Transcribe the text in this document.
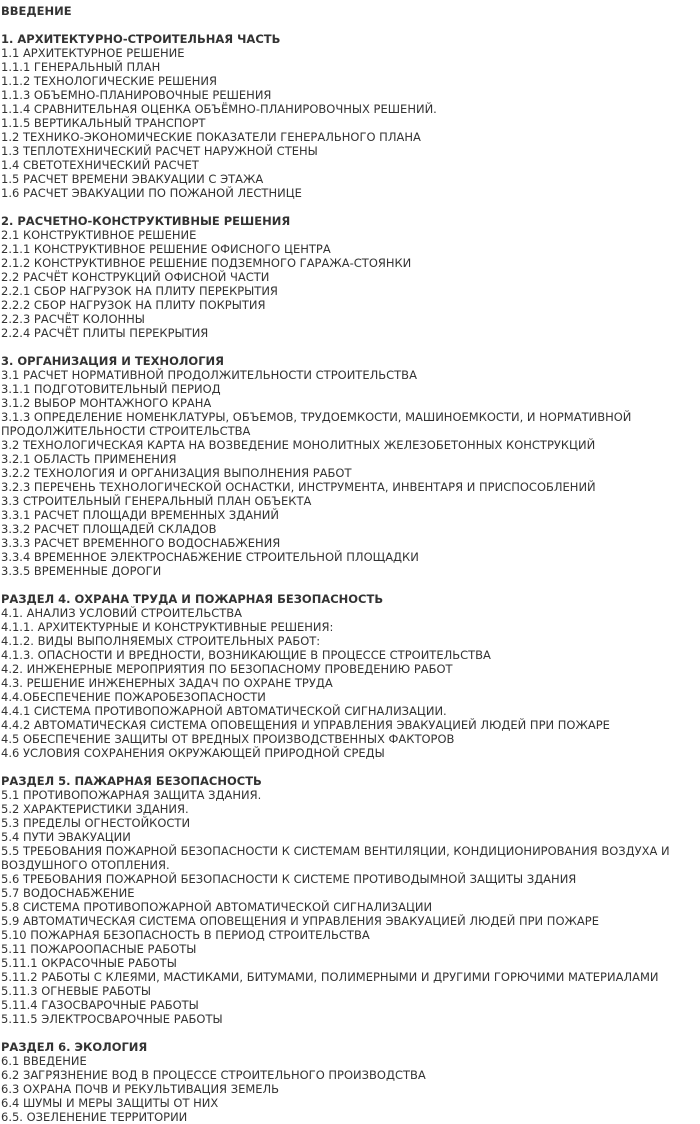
ВВЕДЕНИЕ
1. АРХИТЕКТУРНО-СТРОИТЕЛЬНАЯ ЧАСТЬ
1.1 АРХИТЕКТУРНОЕ РЕШЕНИЕ
1.1.1 ГЕНЕРАЛЬНЫЙ ПЛАН
1.1.2 ТЕХНОЛОГИЧЕСКИЕ РЕШЕНИЯ
1.1.3 ОБЪЕМНО-ПЛАНИРОВОЧНЫЕ РЕШЕНИЯ
1.1.4 СРАВНИТЕЛЬНАЯ ОЦЕНКА ОБЪЁМНО-ПЛАНИРОВОЧНЫХ РЕШЕНИЙ.
1.1.5 ВЕРТИКАЛЬНЫЙ ТРАНСПОРТ
1.2 ТЕХНИКО-ЭКОНОМИЧЕСКИЕ ПОКАЗАТЕЛИ ГЕНЕРАЛЬНОГО ПЛАНА
1.3 ТЕПЛОТЕХНИЧЕСКИЙ РАСЧЕТ НАРУЖНОЙ СТЕНЫ
1.4 СВЕТОТЕХНИЧЕСКИЙ РАСЧЕТ
1.5 РАСЧЕТ ВРЕМЕНИ ЭВАКУАЦИИ С ЭТАЖА
1.6 РАСЧЕТ ЭВАКУАЦИИ ПО ПОЖАНОЙ ЛЕСТНИЦЕ
2. РАСЧЕТНО-КОНСТРУКТИВНЫЕ РЕШЕНИЯ
2.1 КОНСТРУКТИВНОЕ РЕШЕНИЕ
2.1.1 КОНСТРУКТИВНОЕ РЕШЕНИЕ ОФИСНОГО ЦЕНТРА
2.1.2 КОНСТРУКТИВНОЕ РЕШЕНИЕ ПОДЗЕМНОГО ГАРАЖА-СТОЯНКИ
2.2 РАСЧЁТ КОНСТРУКЦИЙ ОФИСНОЙ ЧАСТИ
2.2.1 СБОР НАГРУЗОК НА ПЛИТУ ПЕРЕКРЫТИЯ
2.2.2 СБОР НАГРУЗОК НА ПЛИТУ ПОКРЫТИЯ
2.2.3 РАСЧЁТ КОЛОННЫ
2.2.4 РАСЧЁТ ПЛИТЫ ПЕРЕКРЫТИЯ
3. ОРГАНИЗАЦИЯ И ТЕХНОЛОГИЯ
3.1 РАСЧЕТ НОРМАТИВНОЙ ПРОДОЛЖИТЕЛЬНОСТИ СТРОИТЕЛЬСТВА
3.1.1 ПОДГОТОВИТЕЛЬНЫЙ ПЕРИОД
3.1.2 ВЫБОР МОНТАЖНОГО КРАНА
3.1.3 ОПРЕДЕЛЕНИЕ НОМЕНКЛАТУРЫ, ОБЪЕМОВ, ТРУДОЕМКОСТИ, МАШИНОЕМКОСТИ, И НОРМАТИВНОЙ
ПРОДОЛЖИТЕЛЬНОСТИ СТРОИТЕЛЬСТВА
3.2 ТЕХНОЛОГИЧЕСКАЯ КАРТА НА ВОЗВЕДЕНИЕ МОНОЛИТНЫХ ЖЕЛЕЗОБЕТОННЫХ КОНСТРУКЦИЙ
3.2.1 ОБЛАСТЬ ПРИМЕНЕНИЯ
3.2.2 ТЕХНОЛОГИЯ И ОРГАНИЗАЦИЯ ВЫПОЛНЕНИЯ РАБОТ
3.2.3 ПЕРЕЧЕНЬ ТЕХНОЛОГИЧЕСКОЙ ОСНАСТКИ, ИНСТРУМЕНТА, ИНВЕНТАРЯ И ПРИСПОСОБЛЕНИЙ
3.3 СТРОИТЕЛЬНЫЙ ГЕНЕРАЛЬНЫЙ ПЛАН ОБЪЕКТА
3.3.1 РАСЧЕТ ПЛОЩАДИ ВРЕМЕННЫХ ЗДАНИЙ
3.3.2 РАСЧЕТ ПЛОЩАДЕЙ СКЛАДОВ
3.3.3 РАСЧЕТ ВРЕМЕННОГО ВОДОСНАБЖЕНИЯ
3.3.4 ВРЕМЕННОЕ ЭЛЕКТРОСНАБЖЕНИЕ СТРОИТЕЛЬНОЙ ПЛОЩАДКИ
3.3.5 ВРЕМЕННЫЕ ДОРОГИ
РАЗДЕЛ 4. ОХРАНА ТРУДА И ПОЖАРНАЯ БЕЗОПАСНОСТЬ
4.1. АНАЛИЗ УСЛОВИЙ СТРОИТЕЛЬСТВА
4.1.1. АРХИТЕКТУРНЫЕ И КОНСТРУКТИВНЫЕ РЕШЕНИЯ:
4.1.2. ВИДЫ ВЫПОЛНЯЕМЫХ СТРОИТЕЛЬНЫХ РАБОТ:
4.1.3. ОПАСНОСТИ И ВРЕДНОСТИ, ВОЗНИКАЮЩИЕ В ПРОЦЕССЕ СТРОИТЕЛЬСТВА
4.2. ИНЖЕНЕРНЫЕ МЕРОПРИЯТИЯ ПО БЕЗОПАСНОМУ ПРОВЕДЕНИЮ РАБОТ
4.3. РЕШЕНИЕ ИНЖЕНЕРНЫХ ЗАДАЧ ПО ОХРАНЕ ТРУДА
4.4.ОБЕСПЕЧЕНИЕ ПОЖАРОБЕЗОПАСНОСТИ
4.4.1 СИСТЕМА ПРОТИВОПОЖАРНОЙ АВТОМАТИЧЕСКОЙ СИГНАЛИЗАЦИИ.
4.4.2 АВТОМАТИЧЕСКАЯ СИСТЕМА ОПОВЕЩЕНИЯ И УПРАВЛЕНИЯ ЭВАКУАЦИЕЙ ЛЮДЕЙ ПРИ ПОЖАРЕ
4.5 ОБЕСПЕЧЕНИЕ ЗАЩИТЫ ОТ ВРЕДНЫХ ПРОИЗВОДСТВЕННЫХ ФАКТОРОВ
4.6 УСЛОВИЯ СОХРАНЕНИЯ ОКРУЖАЮЩЕЙ ПРИРОДНОЙ СРЕДЫ
РАЗДЕЛ 5. ПАЖАРНАЯ БЕЗОПАСНОСТЬ
5.1 ПРОТИВОПОЖАРНАЯ ЗАЩИТА ЗДАНИЯ.
5.2 ХАРАКТЕРИСТИКИ ЗДАНИЯ.
5.3 ПРЕДЕЛЫ ОГНЕСТОЙКОСТИ
5.4 ПУТИ ЭВАКУАЦИИ
5.5 ТРЕБОВАНИЯ ПОЖАРНОЙ БЕЗОПАСНОСТИ К СИСТЕМАМ ВЕНТИЛЯЦИИ, КОНДИЦИОНИРОВАНИЯ ВОЗДУХА И
ВОЗДУШНОГО ОТОПЛЕНИЯ.
5.6 ТРЕБОВАНИЯ ПОЖАРНОЙ БЕЗОПАСНОСТИ К СИСТЕМЕ ПРОТИВОДЫМНОЙ ЗАЩИТЫ ЗДАНИЯ
5.7 ВОДОСНАБЖЕНИЕ
5.8 СИСТЕМА ПРОТИВОПОЖАРНОЙ АВТОМАТИЧЕСКОЙ СИГНАЛИЗАЦИИ
5.9 АВТОМАТИЧЕСКАЯ СИСТЕМА ОПОВЕЩЕНИЯ И УПРАВЛЕНИЯ ЭВАКУАЦИЕЙ ЛЮДЕЙ ПРИ ПОЖАРЕ
5.10 ПОЖАРНАЯ БЕЗОПАСНОСТЬ В ПЕРИОД СТРОИТЕЛЬСТВА
5.11 ПОЖАРООПАСНЫЕ РАБОТЫ
5.11.1 ОКРАСОЧНЫЕ РАБОТЫ
5.11.2 РАБОТЫ С КЛЕЯМИ, МАСТИКАМИ, БИТУМАМИ, ПОЛИМЕРНЫМИ И ДРУГИМИ ГОРЮЧИМИ МАТЕРИАЛАМИ
5.11.3 ОГНЕВЫЕ РАБОТЫ
5.11.4 ГАЗОСВАРОЧНЫЕ РАБОТЫ
5.11.5 ЭЛЕКТРОСВАРОЧНЫЕ РАБОТЫ
РАЗДЕЛ 6. ЭКОЛОГИЯ
6.1 ВВЕДЕНИЕ
6.2 ЗАГРЯЗНЕНИЕ ВОД В ПРОЦЕССЕ СТРОИТЕЛЬНОГО ПРОИЗВОДСТВА
6.3 ОХРАНА ПОЧВ И РЕКУЛЬТИВАЦИЯ ЗЕМЕЛЬ
6.4 ШУМЫ И МЕРЫ ЗАЩИТЫ ОТ НИХ
6.5. ОЗЕЛЕНЕНИЕ ТЕРРИТОРИИ
